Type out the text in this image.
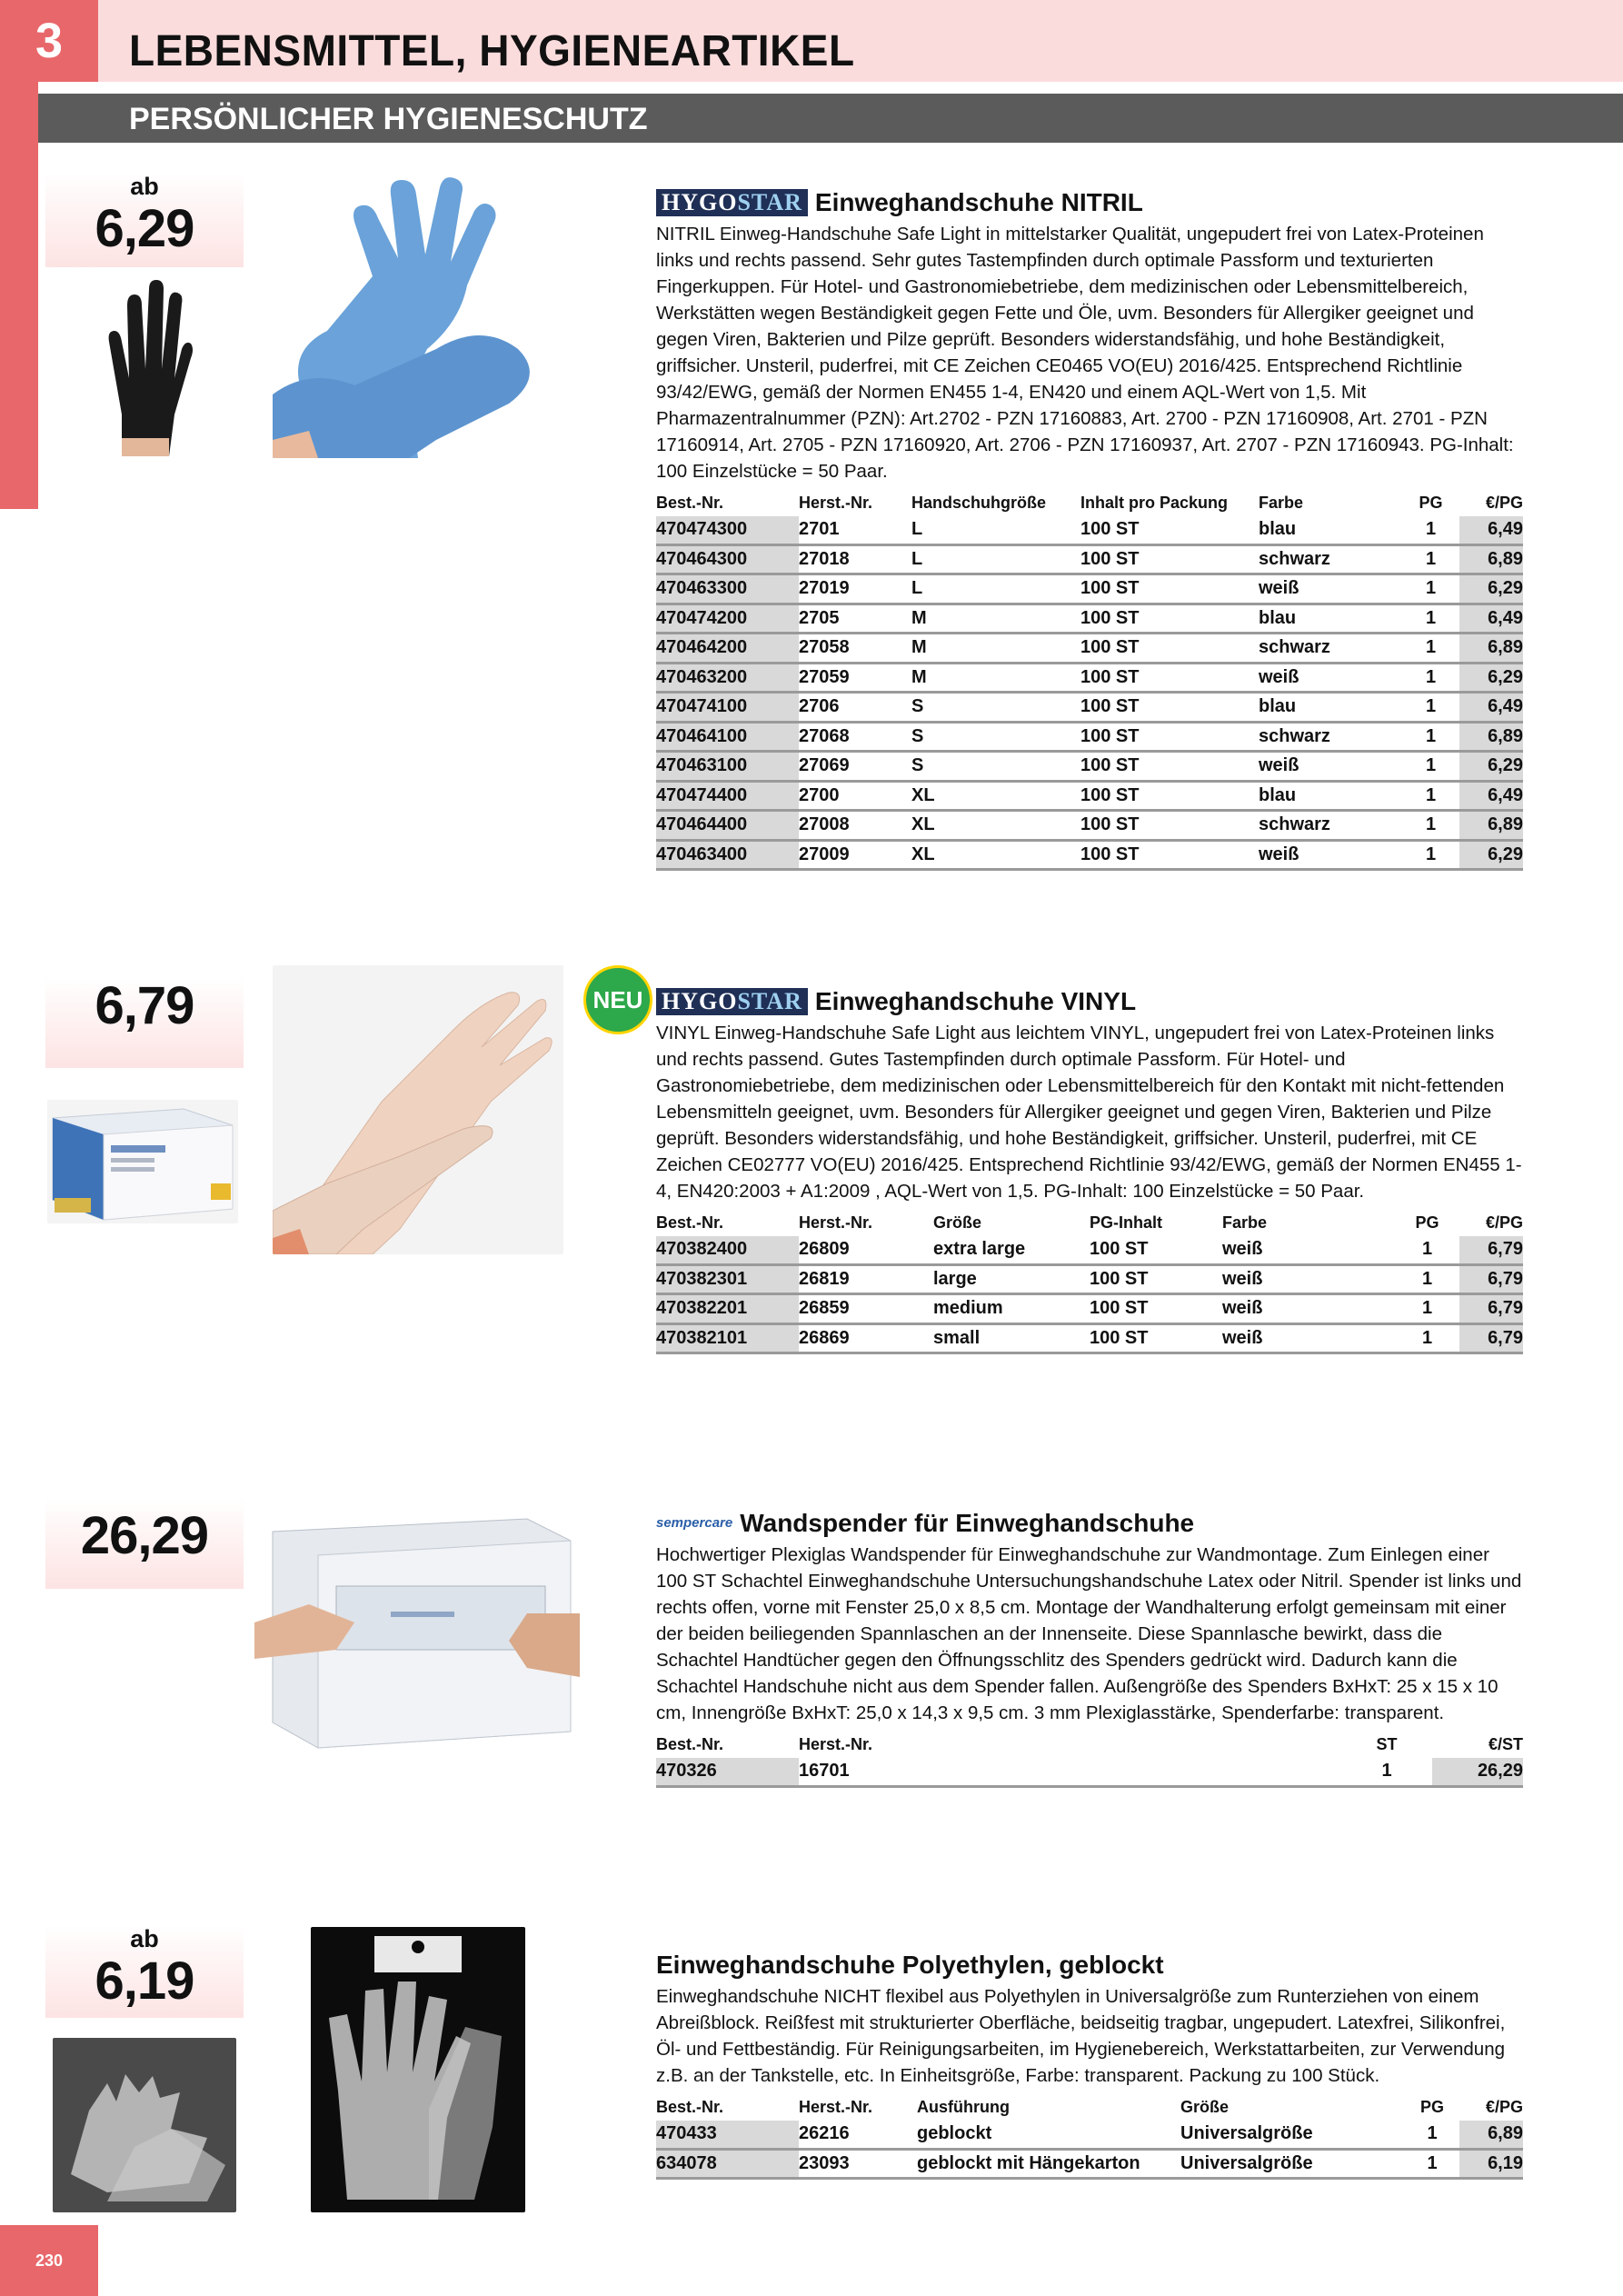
3	LEBENSMITTEL, HYGIENEARTIKEL
PERSÖNLICHER HYGIENESCHUTZ
ab
6,29	HYGO STAR Einweghandschuhe NITRIL
NITRIL Einweg-Handschuhe Safe Light in mittelstarker Qualität, ungepudert frei von Latex-Proteinen links und rechts passend. Sehr gutes Tastempfinden durch optimale Passform und texturierten Fingerkuppen. Für Hotel- und Gastronomiebetriebe, dem medizinischen oder Lebensmittelbereich, Werkstätten wegen Beständigkeit gegen Fette und Öle, uvm. Besonders für Allergiker geeignet und gegen Viren, Bakterien und Pilze geprüft. Besonders widerstandsfähig, und hohe Beständigkeit, griffsicher. Unsteril, puderfrei, mit CE Zeichen CE0465 VO(EU) 2016/425. Entsprechend Richtlinie 93/42/EWG, gemäß der Normen EN455 1-4, EN420 und einem AQL-Wert von 1,5. Mit Pharmazentralnummer (PZN): Art.2702 - PZN 17160883, Art. 2700 - PZN 17160908, Art. 2701 - PZN 17160914, Art. 2705 - PZN 17160920, Art. 2706 - PZN 17160937, Art. 2707 - PZN 17160943. PG-Inhalt: 100 Einzelstücke = 50 Paar.
Best.-Nr.	Herst.-Nr.	Handschuhgröße	Inhalt pro Packung	Farbe	PG	€/PG
470474300	2701	L	100 ST	blau	1	6,49
470464300	27018	L	100 ST	schwarz	1	6,89
470463300	27019	L	100 ST	weiß	1	6,29
470474200	2705	M	100 ST	blau	1	6,49
470464200	27058	M	100 ST	schwarz	1	6,89
470463200	27059	M	100 ST	weiß	1	6,29
470474100	2706	S	100 ST	blau	1	6,49
470464100	27068	S	100 ST	schwarz	1	6,89
470463100	27069	S	100 ST	weiß	1	6,29
470474400	2700	XL	100 ST	blau	1	6,49
470464400	27008	XL	100 ST	schwarz	1	6,89
470463400	27009	XL	100 ST	weiß	1	6,29
6,79	NEU HYGO STAR Einweghandschuhe VINYL
VINYL Einweg-Handschuhe Safe Light aus leichtem VINYL, ungepudert frei von Latex-Proteinen links und rechts passend. Gutes Tastempfinden durch optimale Passform. Für Hotel- und Gastronomiebetriebe, dem medizinischen oder Lebensmittelbereich für den Kontakt mit nicht-fettenden Lebensmitteln geeignet, uvm. Besonders für Allergiker geeignet und gegen Viren, Bakterien und Pilze geprüft. Besonders widerstandsfähig, und hohe Beständigkeit, griffsicher. Unsteril, puderfrei, mit CE Zeichen CE02777 VO(EU) 2016/425. Entsprechend Richtlinie 93/42/EWG, gemäß der Normen EN455 1-4, EN420:2003 + A1:2009 , AQL-Wert von 1,5. PG-Inhalt: 100 Einzelstücke = 50 Paar.
Best.-Nr.	Herst.-Nr.	Größe	PG-Inhalt	Farbe	PG	€/PG
470382400	26809	extra large	100 ST	weiß	1	6,79
470382301	26819	large	100 ST	weiß	1	6,79
470382201	26859	medium	100 ST	weiß	1	6,79
470382101	26869	small	100 ST	weiß	1	6,79
26,29	sempercare Wandspender für Einweghandschuhe
Hochwertiger Plexiglas Wandspender für Einweghandschuhe zur Wandmontage. Zum Einlegen einer 100 ST Schachtel Einweghandschuhe Untersuchungshandschuhe Latex oder Nitril. Spender ist links und rechts offen, vorne mit Fenster 25,0 x 8,5 cm. Montage der Wandhalterung erfolgt gemeinsam mit einer der beiden beiliegenden Spannlaschen an der Innenseite. Diese Spannlasche bewirkt, dass die Schachtel Handtücher gegen den Öffnungsschlitz des Spenders gedrückt wird. Dadurch kann die Schachtel Handschuhe nicht aus dem Spender fallen. Außengröße des Spenders BxHxT: 25 x 15 x 10 cm, Innengröße BxHxT: 25,0 x 14,3 x 9,5 cm. 3 mm Plexiglasstärke, Spenderfarbe: transparent.
Best.-Nr.	Herst.-Nr.	ST	€/ST
470326	16701	1	26,29
ab
6,19	Einweghandschuhe Polyethylen, geblockt
Einweghandschuhe NICHT flexibel aus Polyethylen in Universalgröße zum Runterziehen von einem Abreißblock. Reißfest mit strukturierter Oberfläche, beidseitig tragbar, ungepudert. Latexfrei, Silikonfrei, Öl- und Fettbeständig. Für Reinigungsarbeiten, im Hygienebereich, Werkstattarbeiten, zur Verwendung z.B. an der Tankstelle, etc. In Einheitsgröße, Farbe: transparent. Packung zu 100 Stück.
Best.-Nr.	Herst.-Nr.	Ausführung	Größe	PG	€/PG
470433	26216	geblockt	Universalgröße	1	6,89
634078	23093	geblockt mit Hängekarton	Universalgröße	1	6,19
230
